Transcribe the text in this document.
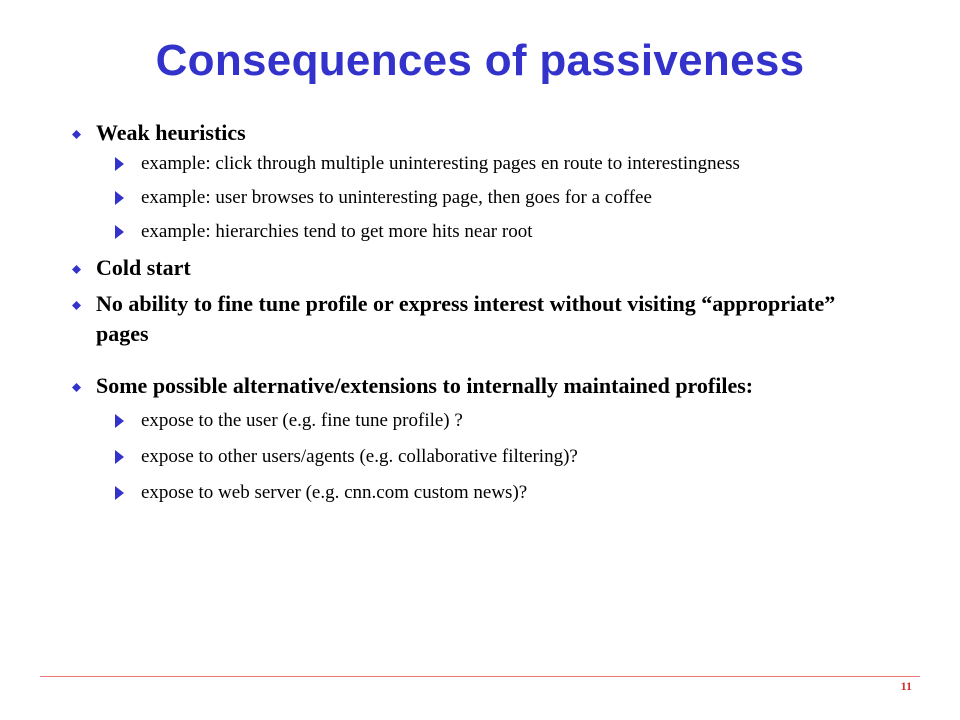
Consequences of passiveness
Weak heuristics
example: click through multiple uninteresting pages en route to interestingness
example: user browses to uninteresting page, then goes for a coffee
example: hierarchies tend to get more hits near root
Cold start
No ability to fine tune profile or express interest without visiting “appropriate” pages
Some possible alternative/extensions to internally maintained profiles:
expose to the user (e.g. fine tune profile) ?
expose to other users/agents (e.g. collaborative filtering)?
expose to web server (e.g. cnn.com custom news)?
11
